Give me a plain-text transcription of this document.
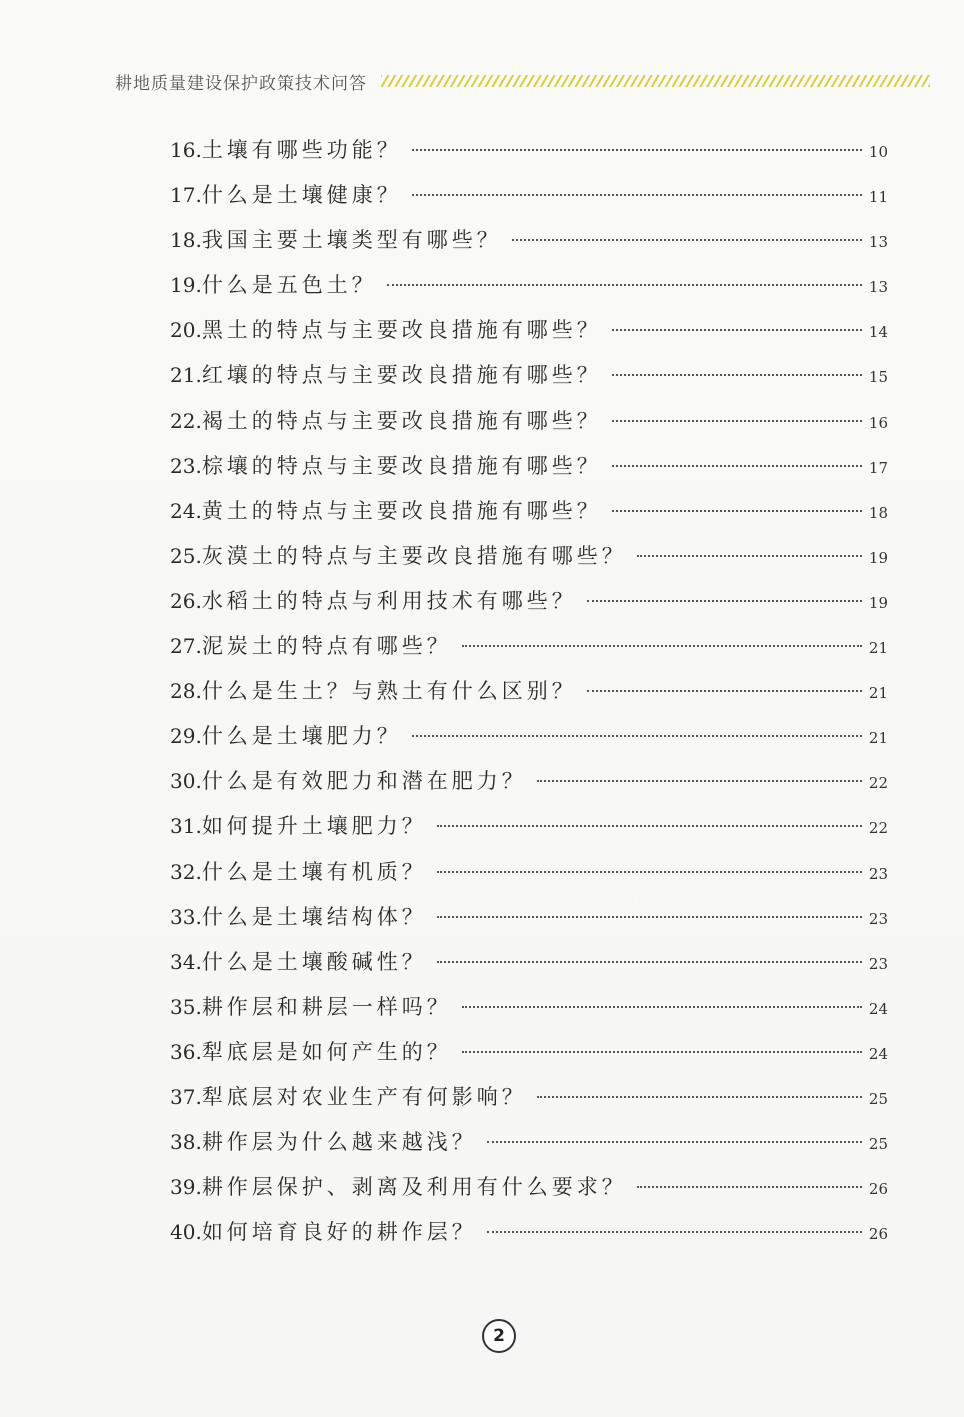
耕地质量建设保护政策技术问答
16. 土壤有哪些功能？	10
17. 什么是土壤健康？	11
18. 我国主要土壤类型有哪些？	13
19. 什么是五色土？	13
20. 黑土的特点与主要改良措施有哪些？	14
21. 红壤的特点与主要改良措施有哪些？	15
22. 褐土的特点与主要改良措施有哪些？	16
23. 棕壤的特点与主要改良措施有哪些？	17
24. 黄土的特点与主要改良措施有哪些？	18
25. 灰漠土的特点与主要改良措施有哪些？	19
26. 水稻土的特点与利用技术有哪些？	19
27. 泥炭土的特点有哪些？	21
28. 什么是生土？与熟土有什么区别？	21
29. 什么是土壤肥力？	21
30. 什么是有效肥力和潜在肥力？	22
31. 如何提升土壤肥力？	22
32. 什么是土壤有机质？	23
33. 什么是土壤结构体？	23
34. 什么是土壤酸碱性？	23
35. 耕作层和耕层一样吗？	24
36. 犁底层是如何产生的？	24
37. 犁底层对农业生产有何影响？	25
38. 耕作层为什么越来越浅？	25
39. 耕作层保护、剥离及利用有什么要求？	26
40. 如何培育良好的耕作层？	26
2
